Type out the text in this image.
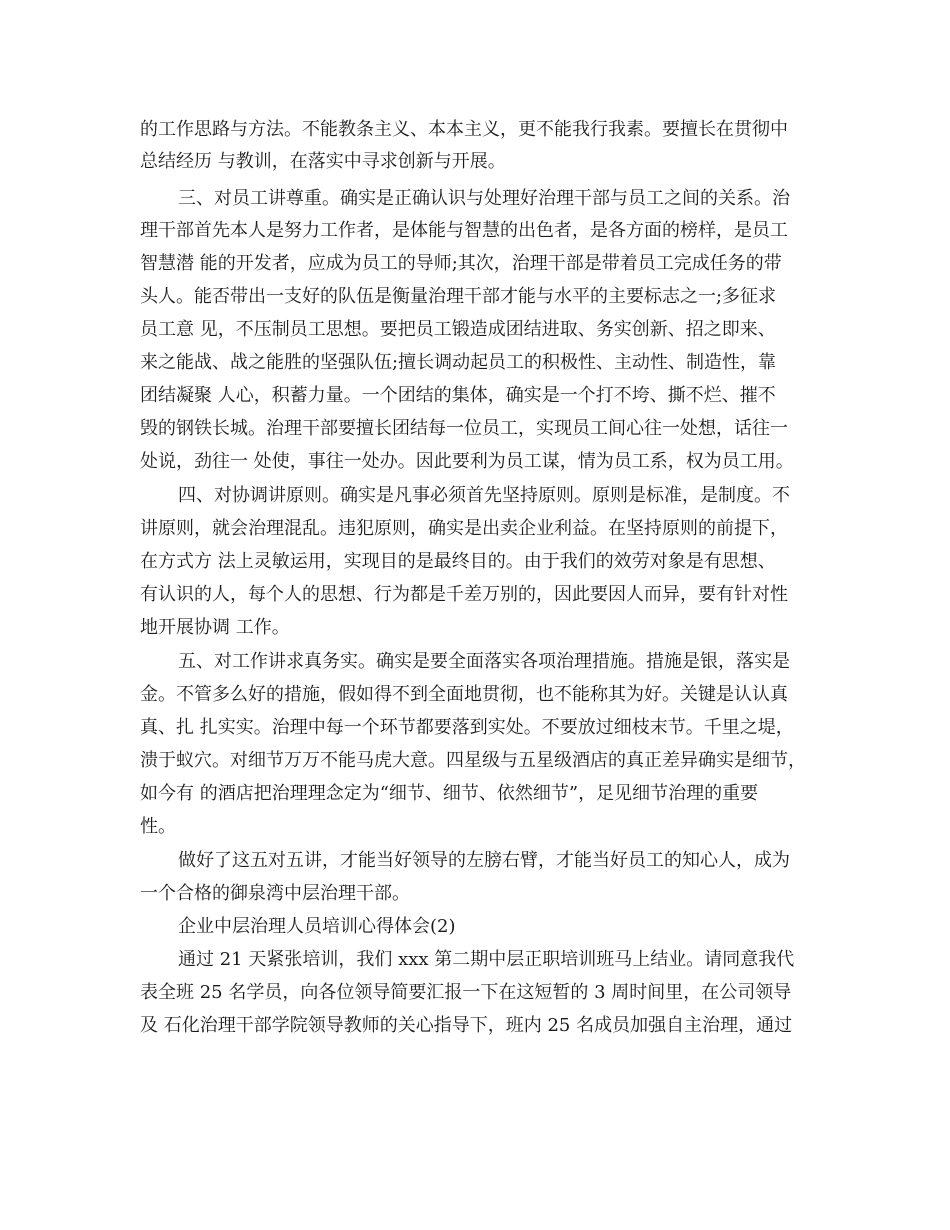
的工作思路与方法。不能教条主义、本本主义，更不能我行我素。要擅长在贯彻中
总结经历 与教训，在落实中寻求创新与开展。
三、对员工讲尊重。确实是正确认识与处理好治理干部与员工之间的关系。治
理干部首先本人是努力工作者，是体能与智慧的出色者，是各方面的榜样，是员工
智慧潜 能的开发者，应成为员工的导师;其次，治理干部是带着员工完成任务的带
头人。能否带出一支好的队伍是衡量治理干部才能与水平的主要标志之一;多征求
员工意 见，不压制员工思想。要把员工锻造成团结进取、务实创新、招之即来、
来之能战、战之能胜的坚强队伍;擅长调动起员工的积极性、主动性、制造性，靠
团结凝聚 人心，积蓄力量。一个团结的集体，确实是一个打不垮、撕不烂、摧不
毁的钢铁长城。治理干部要擅长团结每一位员工，实现员工间心往一处想，话往一
处说，劲往一 处使，事往一处办。因此要利为员工谋，情为员工系，权为员工用。
四、对协调讲原则。确实是凡事必须首先坚持原则。原则是标准，是制度。不
讲原则，就会治理混乱。违犯原则，确实是出卖企业利益。在坚持原则的前提下，
在方式方 法上灵敏运用，实现目的是最终目的。由于我们的效劳对象是有思想、
有认识的人，每个人的思想、行为都是千差万别的，因此要因人而异，要有针对性
地开展协调 工作。
五、对工作讲求真务实。确实是要全面落实各项治理措施。措施是银，落实是
金。不管多么好的措施，假如得不到全面地贯彻，也不能称其为好。关键是认认真
真、扎 扎实实。治理中每一个环节都要落到实处。不要放过细枝末节。千里之堤，
溃于蚁穴。对细节万万不能马虎大意。四星级与五星级酒店的真正差异确实是细节，
如今有 的酒店把治理理念定为“细节、细节、依然细节”，足见细节治理的重要
性。
做好了这五对五讲，才能当好领导的左膀右臂，才能当好员工的知心人，成为
一个合格的御泉湾中层治理干部。
企业中层治理人员培训心得体会(2)
通过 21 天紧张培训，我们 xxx 第二期中层正职培训班马上结业。请同意我代
表全班 25 名学员，向各位领导简要汇报一下在这短暂的 3 周时间里，在公司领导
及 石化治理干部学院领导教师的关心指导下，班内 25 名成员加强自主治理，通过
